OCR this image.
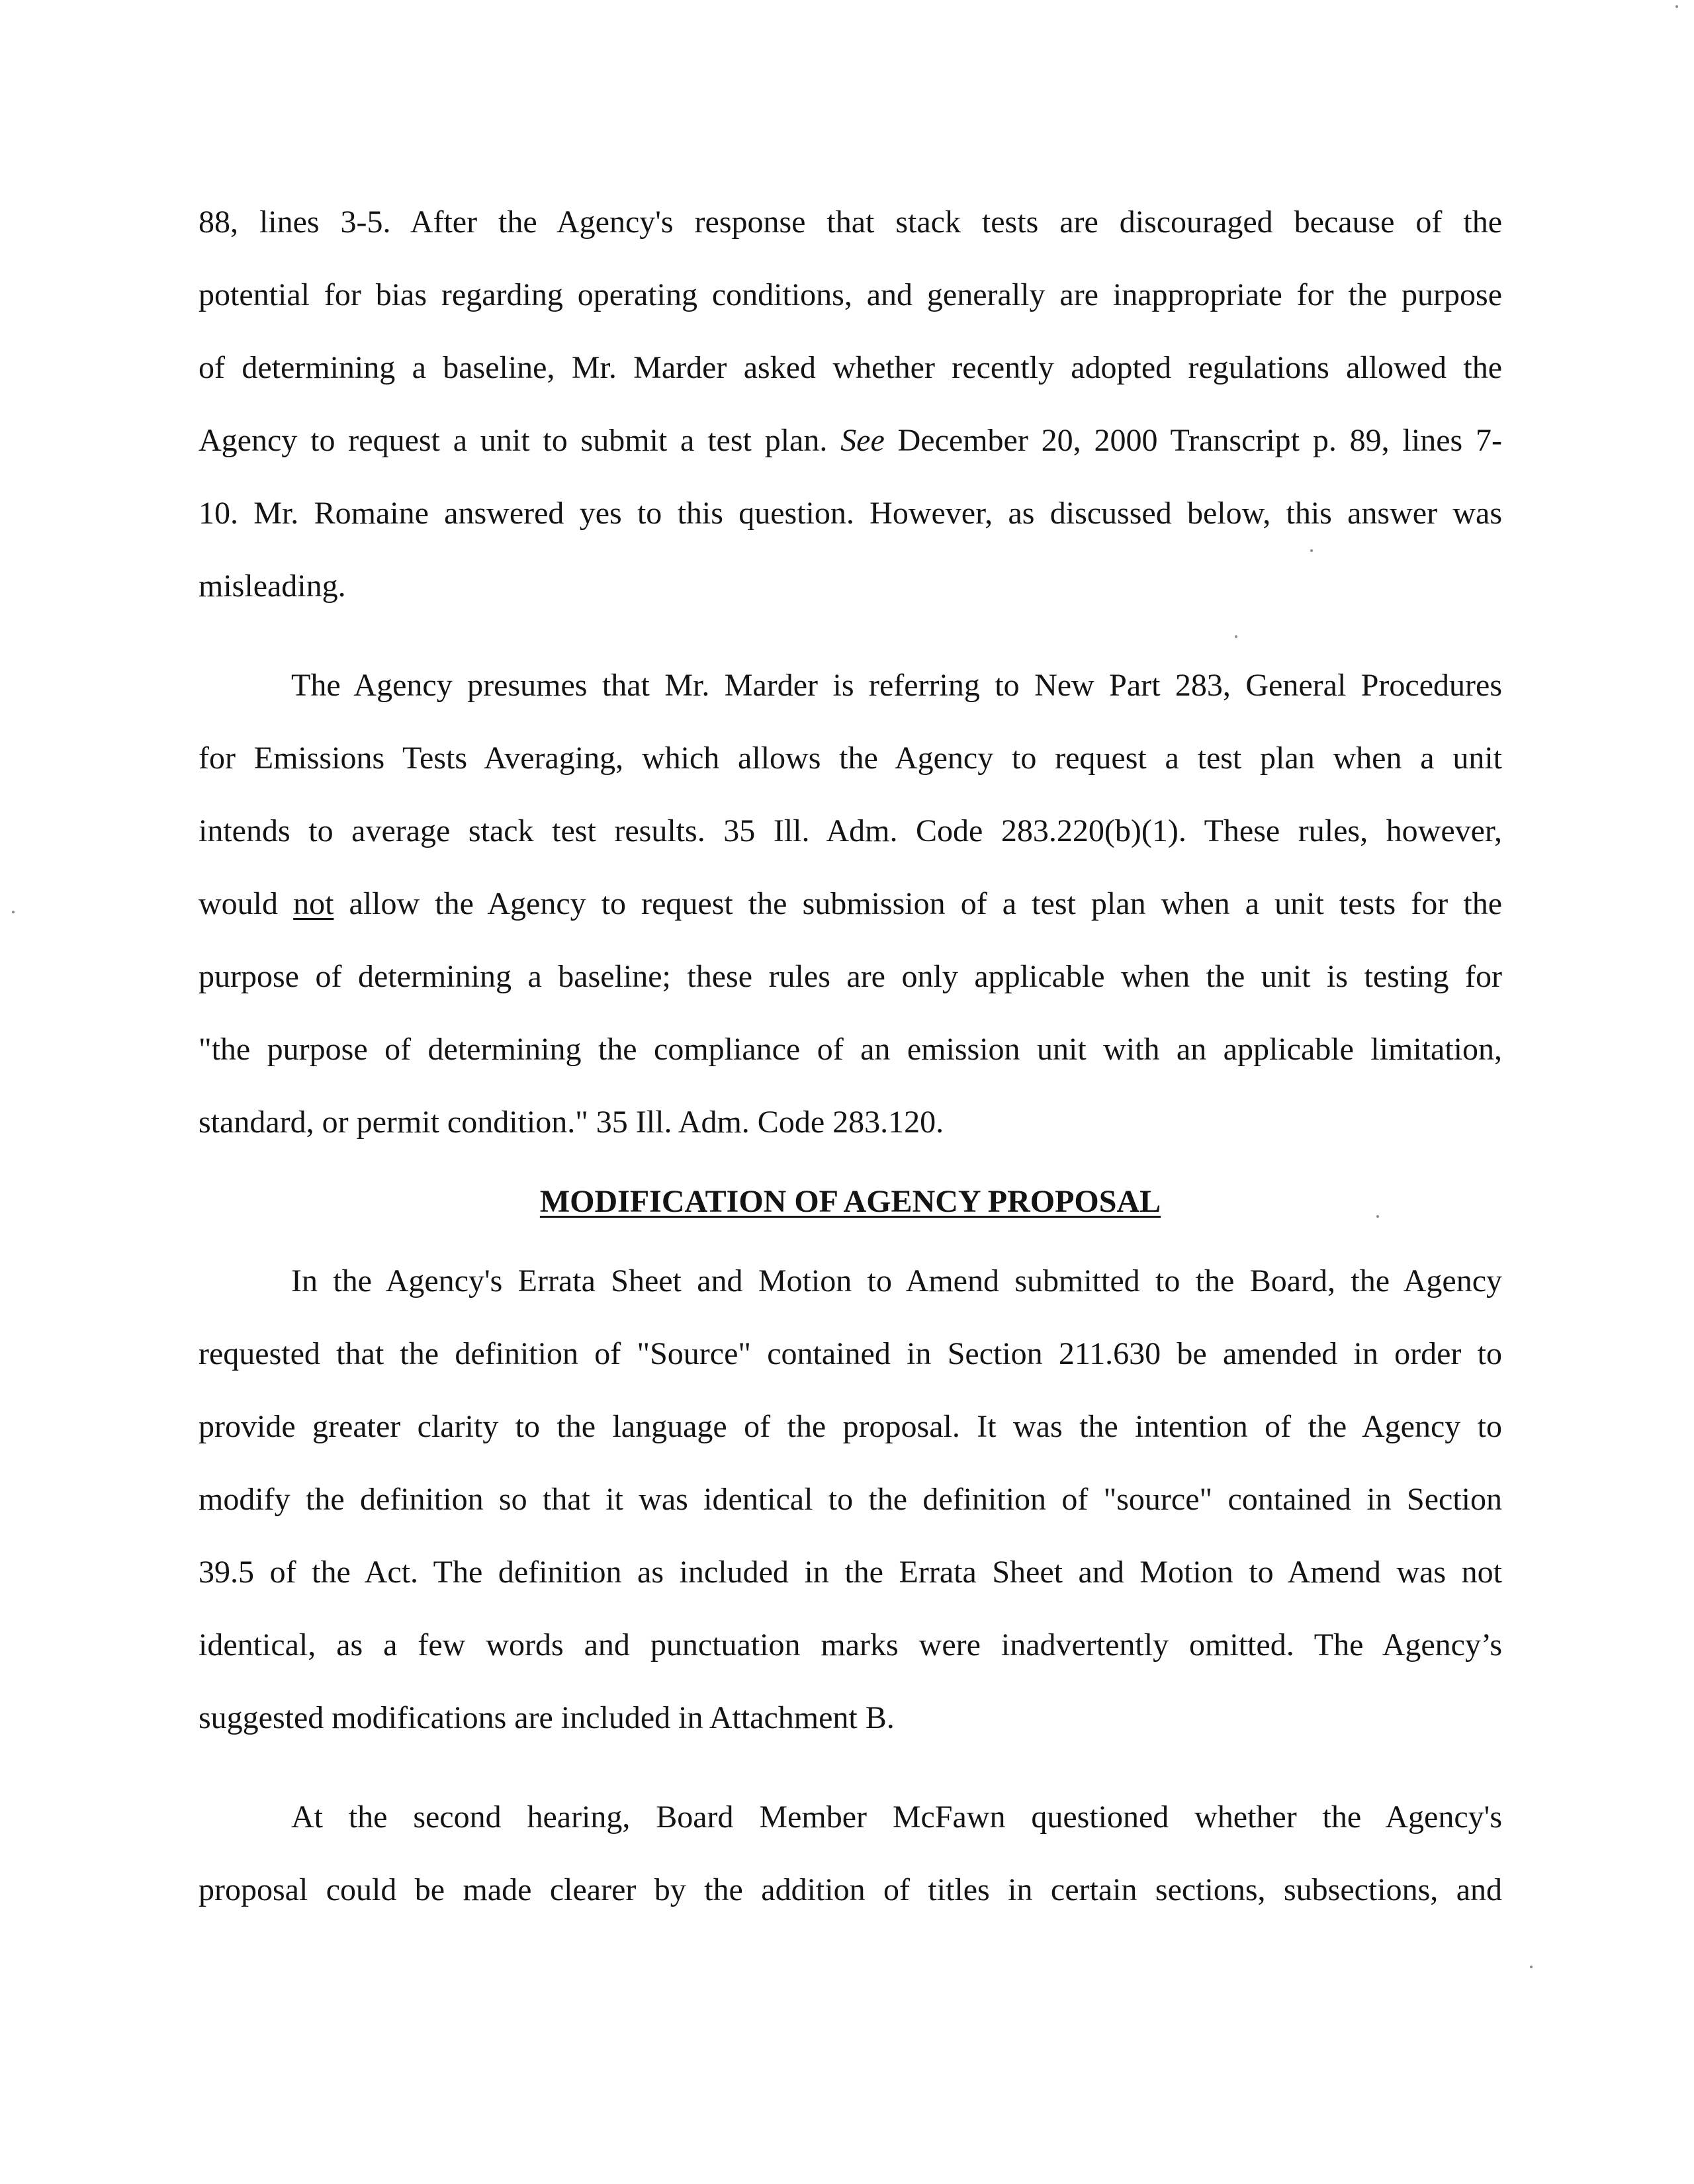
88, lines 3-5. After the Agency's response that stack tests are discouraged because of the
potential for bias regarding operating conditions, and generally are inappropriate for the purpose
of determining a baseline, Mr. Marder asked whether recently adopted regulations allowed the
Agency to request a unit to submit a test plan. See December 20, 2000 Transcript p. 89, lines 7-
10. Mr. Romaine answered yes to this question. However, as discussed below, this answer was
misleading.
The Agency presumes that Mr. Marder is referring to New Part 283, General Procedures
for Emissions Tests Averaging, which allows the Agency to request a test plan when a unit
intends to average stack test results. 35 Ill. Adm. Code 283.220(b)(1). These rules, however,
would not allow the Agency to request the submission of a test plan when a unit tests for the
purpose of determining a baseline; these rules are only applicable when the unit is testing for
"the purpose of determining the compliance of an emission unit with an applicable limitation,
standard, or permit condition." 35 Ill. Adm. Code 283.120.
MODIFICATION OF AGENCY PROPOSAL
In the Agency's Errata Sheet and Motion to Amend submitted to the Board, the Agency
requested that the definition of "Source" contained in Section 211.630 be amended in order to
provide greater clarity to the language of the proposal. It was the intention of the Agency to
modify the definition so that it was identical to the definition of "source" contained in Section
39.5 of the Act. The definition as included in the Errata Sheet and Motion to Amend was not
identical, as a few words and punctuation marks were inadvertently omitted. The Agency’s
suggested modifications are included in Attachment B.
At the second hearing, Board Member McFawn questioned whether the Agency's
proposal could be made clearer by the addition of titles in certain sections, subsections, and
